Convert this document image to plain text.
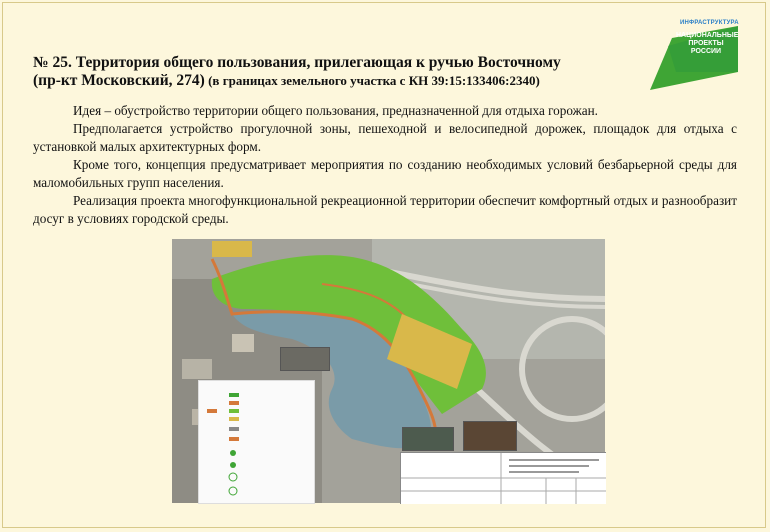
ИНФРАСТРУКТУРА
НАЦИОНАЛЬНЫЕ ПРОЕКТЫ РОССИИ
№ 25. Территория общего пользования, прилегающая к ручью Восточному
(пр-кт Московский, 274) (в границах земельного участка с КН 39:15:133406:2340)

Идея – обустройство территории общего пользования, предназначенной для отдыха горожан.

Предполагается устройство прогулочной зоны, пешеходной и велосипедной дорожек, площадок для отдыха с установкой малых архитектурных форм.

Кроме того, концепция предусматривает мероприятия по созданию необходимых условий безбарьерной среды для маломобильных групп населения.

Реализация проекта многофункциональной рекреационной территории обеспечит комфортный отдых и разнообразит досуг в условиях городской среды.
